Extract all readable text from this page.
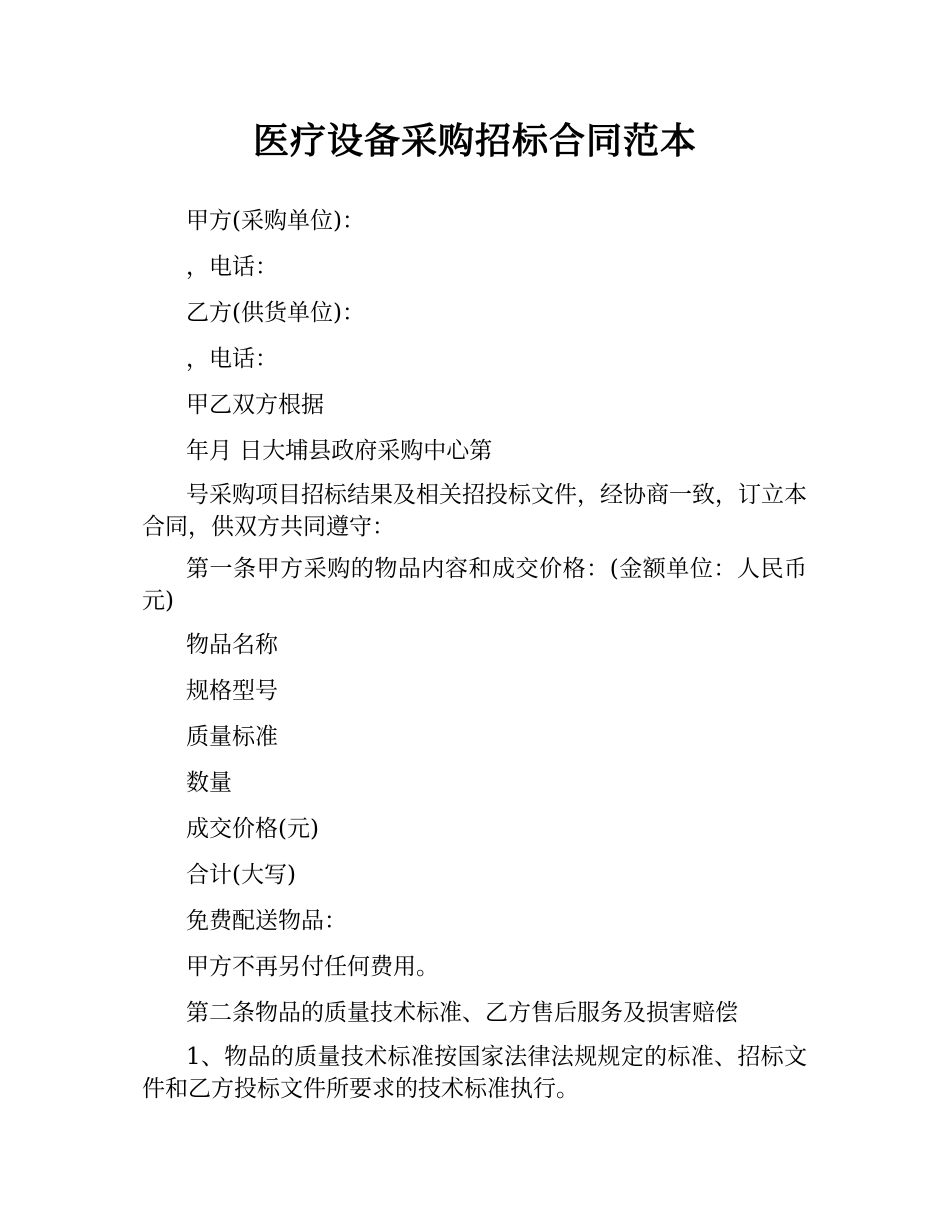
医疗设备采购招标合同范本

甲方(采购单位)：

，电话：

乙方(供货单位)：

，电话：

甲乙双方根据

年月 日大埔县政府采购中心第

号采购项目招标结果及相关招投标文件，经协商一致，订立本合同，供双方共同遵守：

第一条甲方采购的物品内容和成交价格：(金额单位：人民币元)

物品名称

规格型号

质量标准

数量

成交价格(元)

合计(大写)

免费配送物品：

甲方不再另付任何费用。

第二条物品的质量技术标准、乙方售后服务及损害赔偿

1、物品的质量技术标准按国家法律法规规定的标准、招标文件和乙方投标文件所要求的技术标准执行。
